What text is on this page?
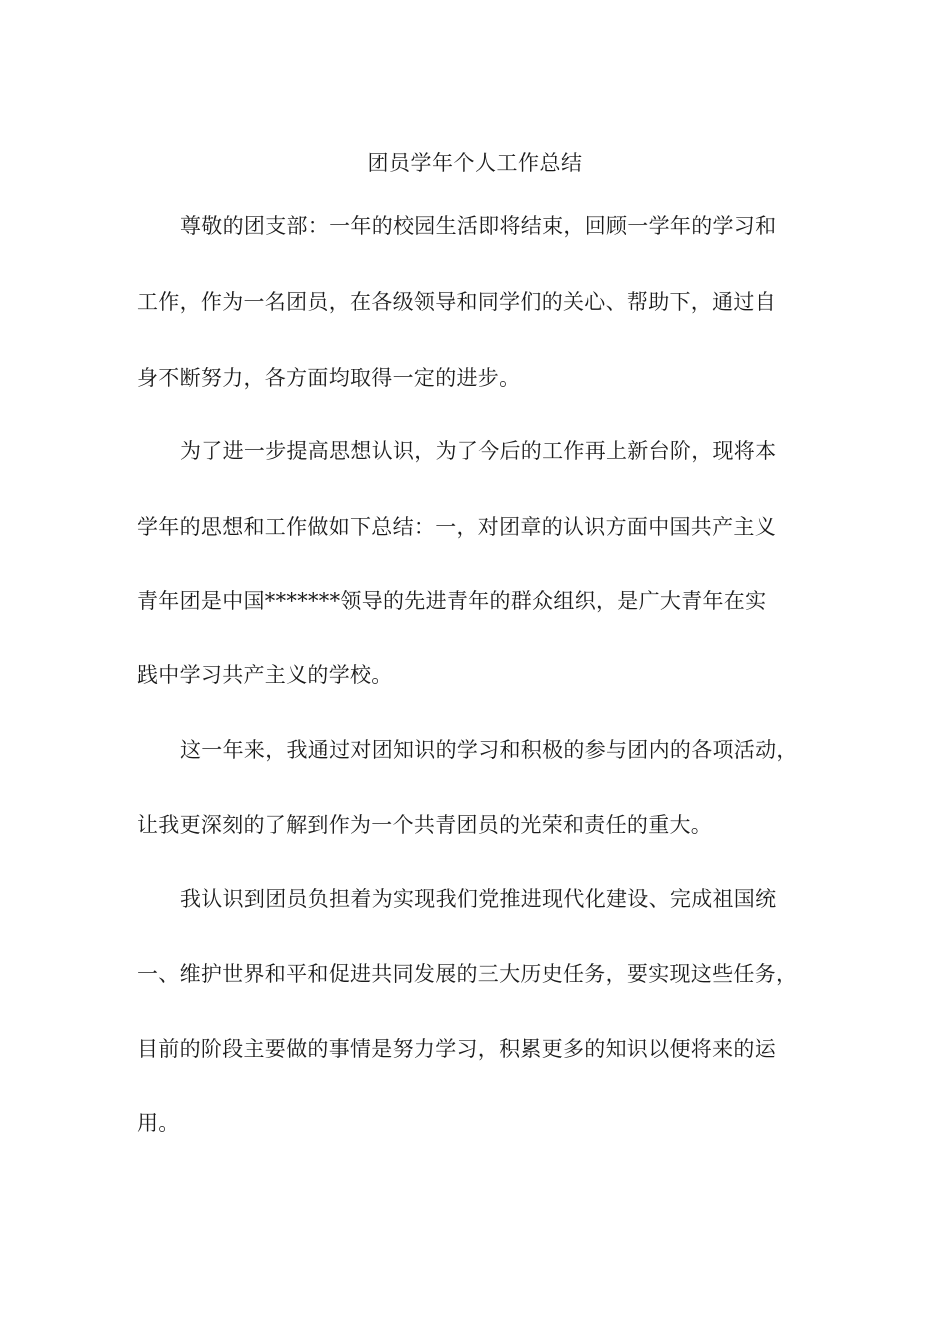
团员学年个人工作总结
尊敬的团支部：一年的校园生活即将结束，回顾一学年的学习和
工作，作为一名团员，在各级领导和同学们的关心、帮助下，通过自
身不断努力，各方面均取得一定的进步。
为了进一步提高思想认识，为了今后的工作再上新台阶，现将本
学年的思想和工作做如下总结：一，对团章的认识方面中国共产主义
青年团是中国*******领导的先进青年的群众组织，是广大青年在实
践中学习共产主义的学校。
这一年来，我通过对团知识的学习和积极的参与团内的各项活动，
让我更深刻的了解到作为一个共青团员的光荣和责任的重大。
我认识到团员负担着为实现我们党推进现代化建设、完成祖国统
一、维护世界和平和促进共同发展的三大历史任务，要实现这些任务，
目前的阶段主要做的事情是努力学习，积累更多的知识以便将来的运
用。
